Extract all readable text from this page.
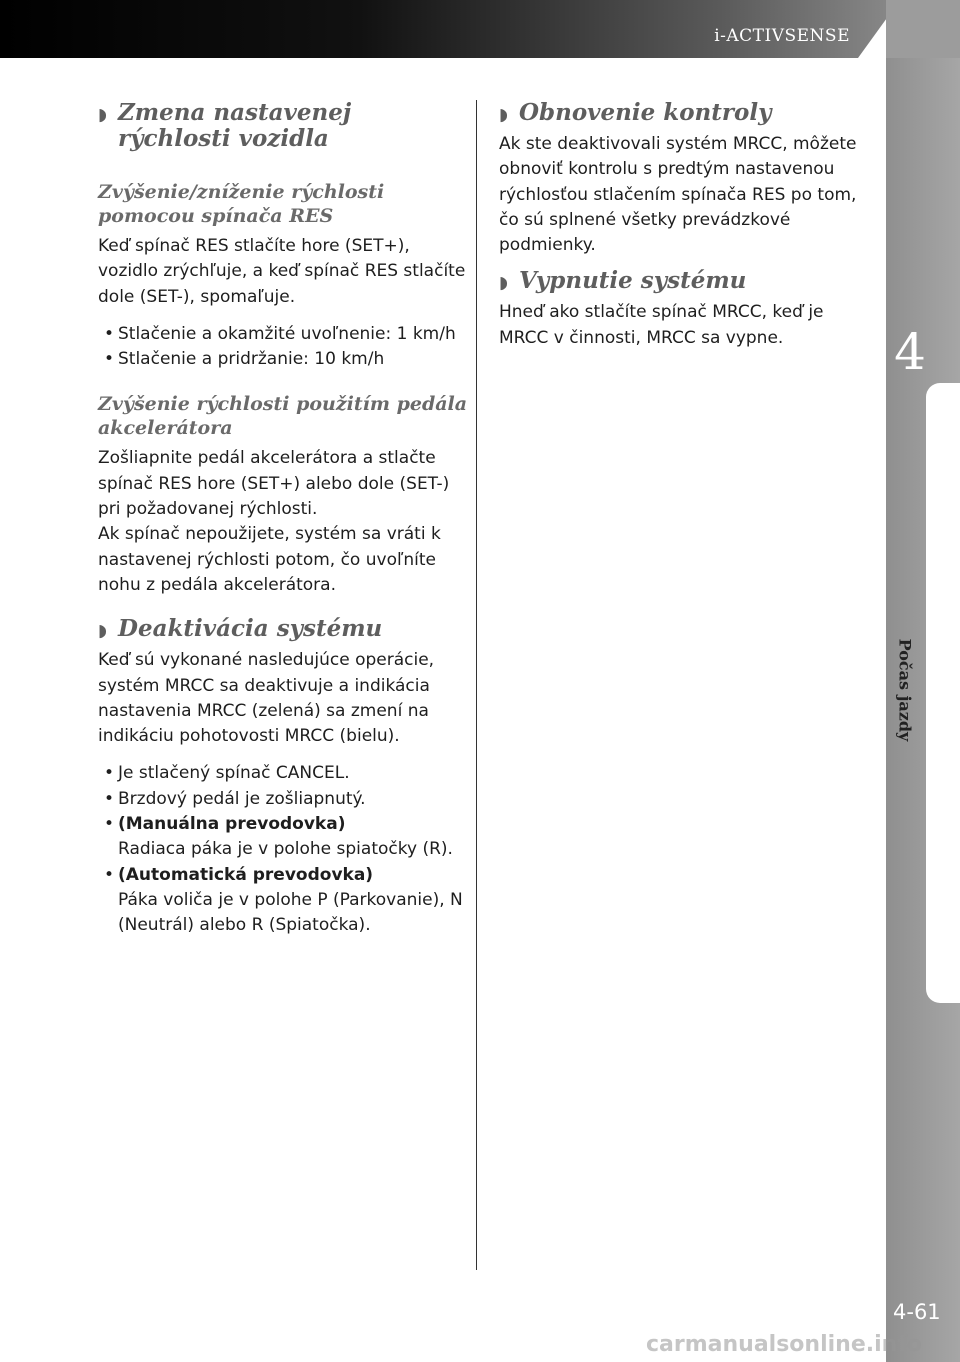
i-ACTIVSENSE
4
Počas jazdy
4-61
◗ Zmena nastavenej rýchlosti vozidla
Zvýšenie/zníženie rýchlosti pomocou spínača RES

Keď spínač RES stlačíte hore (SET+), vozidlo zrýchľuje, a keď spínač RES stlačíte dole (SET-), spomaľuje.

• Stlačenie a okamžité uvoľnenie: 1 km/h
• Stlačenie a pridržanie: 10 km/h
Zvýšenie rýchlosti použitím pedála akcelerátora

Zošliapnite pedál akcelerátora a stlačte spínač RES hore (SET+) alebo dole (SET-) pri požadovanej rýchlosti.

Ak spínač nepoužijete, systém sa vráti k nastavenej rýchlosti potom, čo uvoľníte nohu z pedála akcelerátora.

◗ Deaktivácia systému

Keď sú vykonané nasledujúce operácie, systém MRCC sa deaktivuje a indikácia nastavenia MRCC (zelená) sa zmení na indikáciu pohotovosti MRCC (bielu).

• Je stlačený spínač CANCEL.
• Brzdový pedál je zošliapnutý.
• (Manuálna prevodovka)
Radiaca páka je v polohe spiatočky (R).
• (Automatická prevodovka)
Páka voliča je v polohe P (Parkovanie), N (Neutrál) alebo R (Spiatočka).
◗ Obnovenie kontroly

Ak ste deaktivovali systém MRCC, môžete obnoviť kontrolu s predtým nastavenou rýchlosťou stlačením spínača RES po tom, čo sú splnené všetky prevádzkové podmienky.

◗ Vypnutie systému

Hneď ako stlačíte spínač MRCC, keď je MRCC v činnosti, MRCC sa vypne.

carmanualsonline.info
